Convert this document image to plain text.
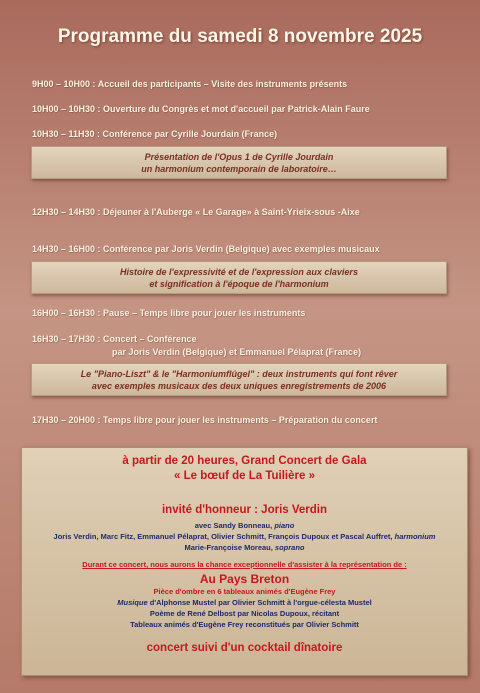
Programme du samedi 8 novembre 2025
9H00 – 10H00 : Accueil des participants – Visite des instruments présents
10H00 – 10H30 : Ouverture du Congrès et mot d'accueil par Patrick-Alain Faure
10H30 – 11H30 : Conférence par Cyrille Jourdain (France)
Présentation de l'Opus 1 de Cyrille Jourdain
un harmonium contemporain de laboratoire…
12H30 – 14H30 : Déjeuner à l'Auberge « Le Garage» à Saint-Yrieix-sous -Aixe
14H30 – 16H00 : Conférence par Joris Verdin (Belgique) avec exemples musicaux
Histoire de l'expressivité et de l'expression aux claviers
et signification à l'époque de l'harmonium
16H00 – 16H30 : Pause – Temps libre pour jouer les instruments
16H30 – 17H30 : Concert – Conférence
par Joris Verdin (Belgique) et Emmanuel Pélaprat (France)
Le "Piano-Liszt" & le "Harmoniumflûgel" : deux instruments qui font rêver
avec exemples musicaux des deux uniques enregistrements de 2006
17H30 – 20H00 : Temps libre pour jouer les instruments – Préparation du concert
à partir de 20 heures, Grand Concert de Gala
« Le bœuf de La Tuilière »
invité d'honneur : Joris Verdin
avec Sandy Bonneau, piano
Joris Verdin, Marc Fitz, Emmanuel Pélaprat, Olivier Schmitt, François Dupoux et Pascal Auffret, harmonium
Marie-Françoise Moreau, soprano
Durant ce concert, nous aurons la chance exceptionnelle d'assister à la représentation de :
Au Pays Breton
Pièce d'ombre en 6 tableaux animés d'Eugène Frey
Musique d'Alphonse Mustel par Olivier Schmitt à l'orgue-célesta Mustel
Poème de René Delbost par Nicolas Dupoux, récitant
Tableaux animés d'Eugène Frey reconstitués par Olivier Schmitt
concert suivi d'un cocktail dînatoire
